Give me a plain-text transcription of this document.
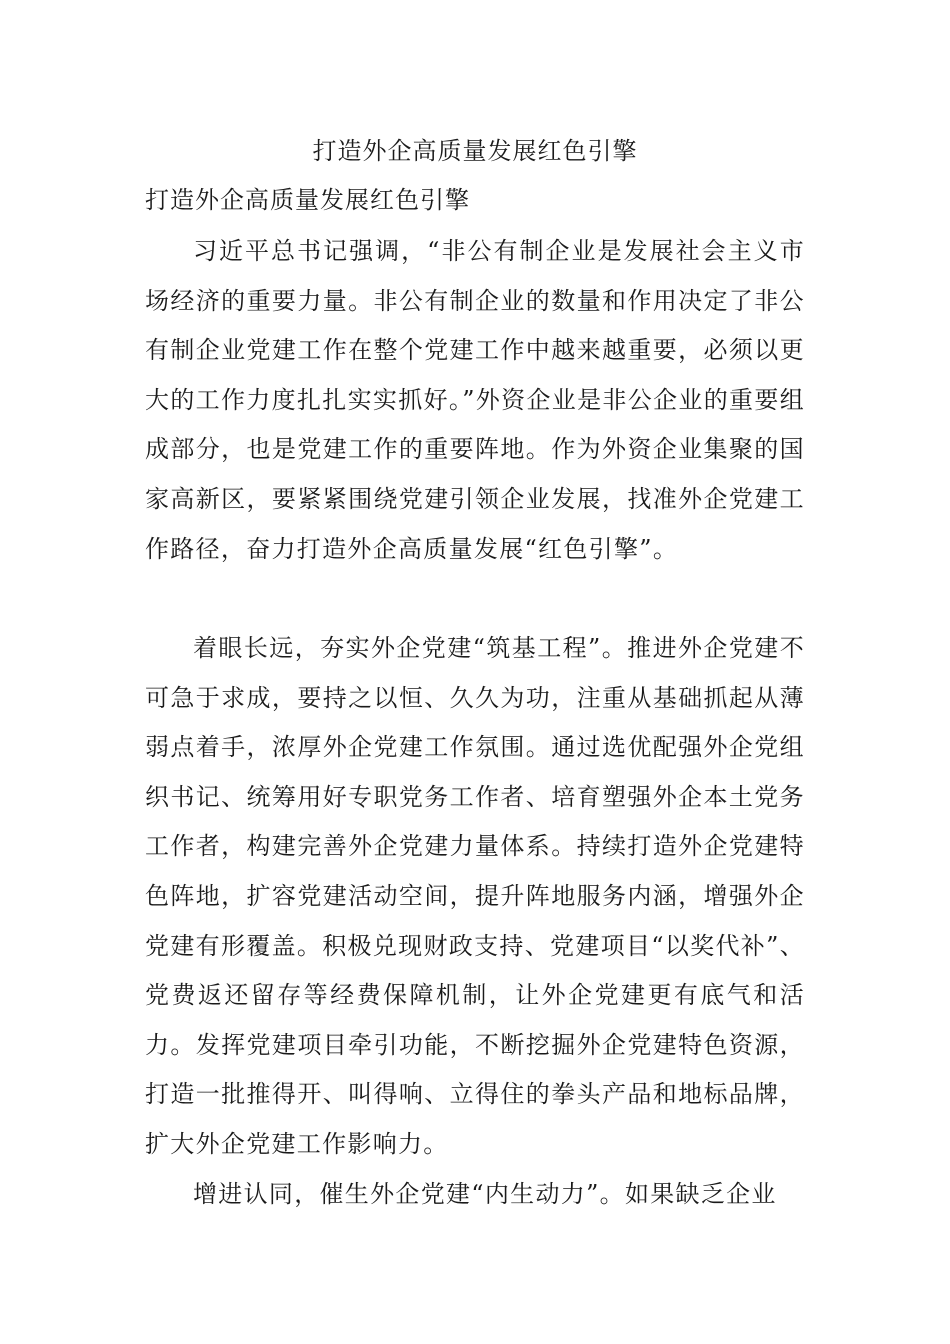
打造外企高质量发展红色引擎
打造外企高质量发展红色引擎

习近平总书记强调，“非公有制企业是发展社会主义市场经济的重要力量。非公有制企业的数量和作用决定了非公有制企业党建工作在整个党建工作中越来越重要，必须以更大的工作力度扎扎实实抓好。”外资企业是非公企业的重要组成部分，也是党建工作的重要阵地。作为外资企业集聚的国家高新区，要紧紧围绕党建引领企业发展，找准外企党建工作路径，奋力打造外企高质量发展“红色引擎”。

着眼长远，夯实外企党建“筑基工程”。推进外企党建不可急于求成，要持之以恒、久久为功，注重从基础抓起从薄弱点着手，浓厚外企党建工作氛围。通过选优配强外企党组织书记、统筹用好专职党务工作者、培育塑强外企本土党务工作者，构建完善外企党建力量体系。持续打造外企党建特色阵地，扩容党建活动空间，提升阵地服务内涵，增强外企党建有形覆盖。积极兑现财政支持、党建项目“以奖代补”、党费返还留存等经费保障机制，让外企党建更有底气和活力。发挥党建项目牵引功能，不断挖掘外企党建特色资源，打造一批推得开、叫得响、立得住的拳头产品和地标品牌，扩大外企党建工作影响力。

增进认同，催生外企党建“内生动力”。如果缺乏企业
